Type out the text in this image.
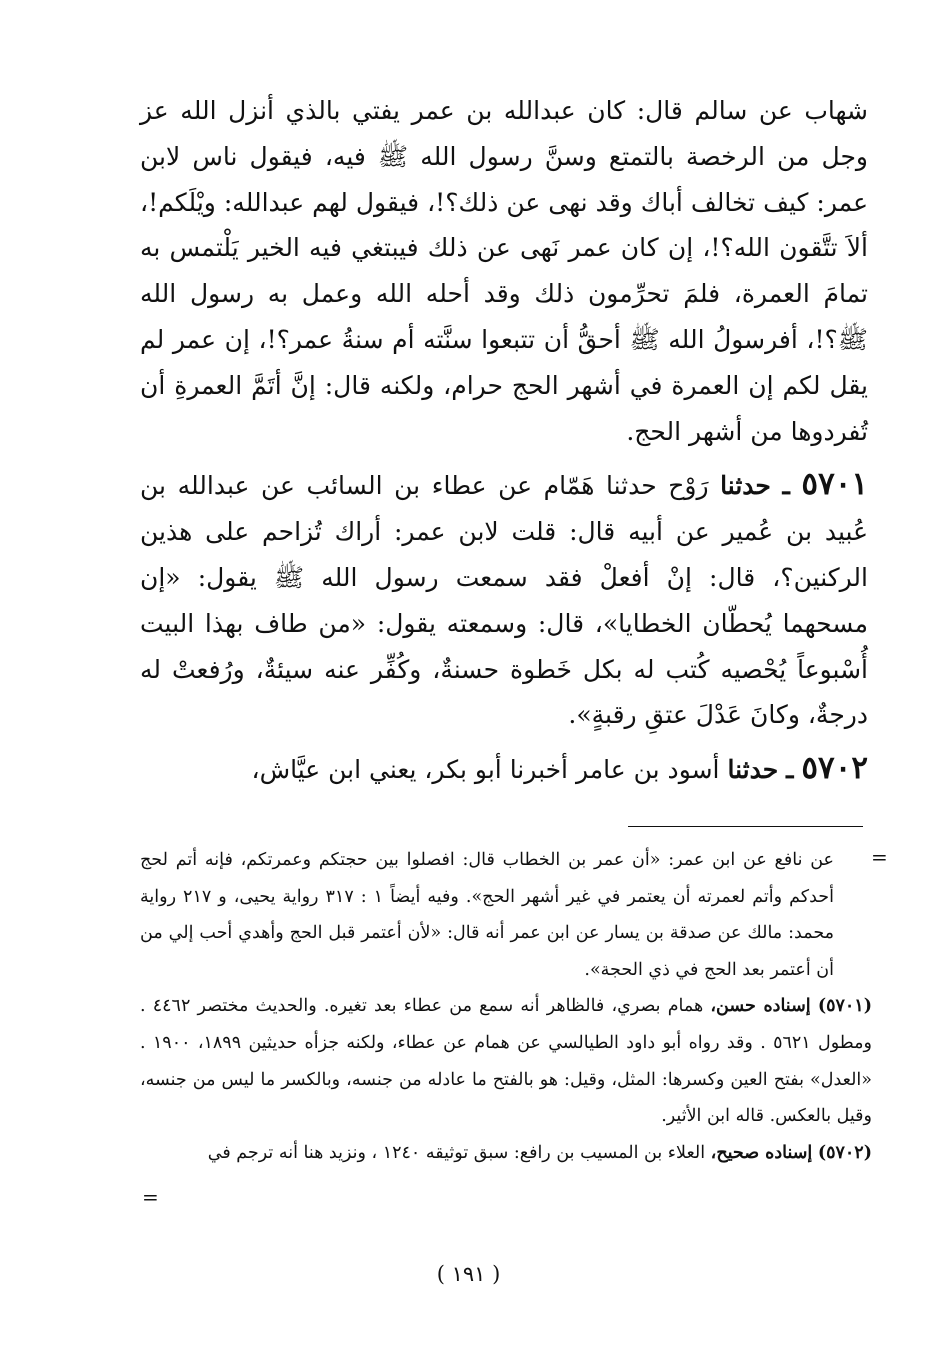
شهاب عن سالم قال: كان عبدالله بن عمر يفتي بالذي أنزل الله عز وجل من الرخصة بالتمتع وسنَّ رسول الله ﷺ فيه، فيقول ناس لابن عمر: كيف تخالف أباك وقد نهى عن ذلك؟!، فيقول لهم عبدالله: ويْلَكم!، ألاَ تتَّقون الله؟!، إن كان عمر نَهى عن ذلك فيبتغي فيه الخير يَلْتمس به تمامَ العمرة، فلمَ تحرِّمون ذلك وقد أحله الله وعمل به رسول الله ﷺ؟!، أفرسولُ الله ﷺ أحقُّ أن تتبعوا سنَّته أم سنةُ عمر؟!، إن عمر لم يقل لكم إن العمرة في أشهر الحج حرام، ولكنه قال: إنَّ أتَمَّ العمرةِ أن تُفردوها من أشهر الحج.

٥٧٠١ ـ حدثنا رَوْح حدثنا هَمّام عن عطاء بن السائب عن عبدالله بن عُبيد بن عُمير عن أبيه قال: قلت لابن عمر: أراك تُزاحم على هذين الركنين؟، قال: إنْ أفعلْ فقد سمعت رسول الله ﷺ يقول: «إن مسحهما يُحطّان الخطايا»، قال: وسمعته يقول: «من طاف بهذا البيت أُسْبوعاً يُحْصيه كُتب له بكل خَطوة حسنةٌ، وكُفِّر عنه سيئةٌ، ورُفعتْ له درجةٌ، وكانَ عَدْلَ عتقِ رقبةٍ».

٥٧٠٢ ـ حدثنا أسود بن عامر أخبرنا أبو بكر، يعني ابن عيَّاش،

=

عن نافع عن ابن عمر: «أن عمر بن الخطاب قال: افصلوا بين حجتكم وعمرتكم، فإنه أتم لحج أحدكم وأتم لعمرته أن يعتمر في غير أشهر الحج». وفيه أيضاً ١ : ٣١٧ رواية يحيى، و ٢١٧ رواية محمد: مالك عن صدقة بن يسار عن ابن عمر أنه قال: «لأن أعتمر قبل الحج وأهدي أحب إلي من أن أعتمر بعد الحج في ذي الحجة».

(٥٧٠١) إسناده حسن، همام بصري، فالظاهر أنه سمع من عطاء بعد تغيره. والحديث مختصر ٤٤٦٢ . ومطول ٥٦٢١ . وقد رواه أبو داود الطيالسي عن همام عن عطاء، ولكنه جزأه حديثين ١٨٩٩، ١٩٠٠ . «العدل» بفتح العين وكسرها: المثل، وقيل: هو بالفتح ما عادله من جنسه، وبالكسر ما ليس من جنسه، وقيل بالعكس. قاله ابن الأثير.

(٥٧٠٢) إسناده صحيح، العلاء بن المسيب بن رافع: سبق توثيقه ١٢٤٠ ، ونزيد هنا أنه ترجم في

=
( ١٩١ )
